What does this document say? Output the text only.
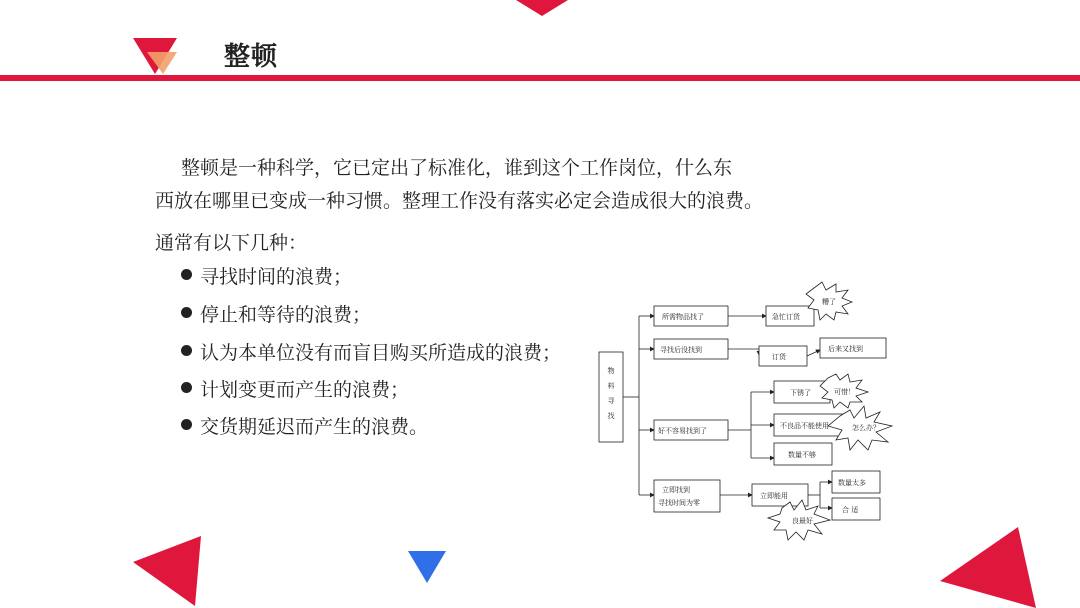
整顿
整顿是一种科学，它已定出了标准化，谁到这个工作岗位，什么东
西放在哪里已变成一种习惯。整理工作没有落实必定会造成很大的浪费。
通常有以下几种：
寻找时间的浪费；
停止和等待的浪费；
认为本单位没有而盲目购买所造成的浪费；
计划变更而产生的浪费；
交货期延迟而产生的浪费。
物
料
寻
找
所需物品找了	急忙订货
糟了
寻找后没找到
订货
后来又找到
好不容易找到了
下锈了	可惜！
不良品不能使用	怎么办？
数量不够
立即找到
寻找时间为零
立即能用
数量太多
合 适
良最好
